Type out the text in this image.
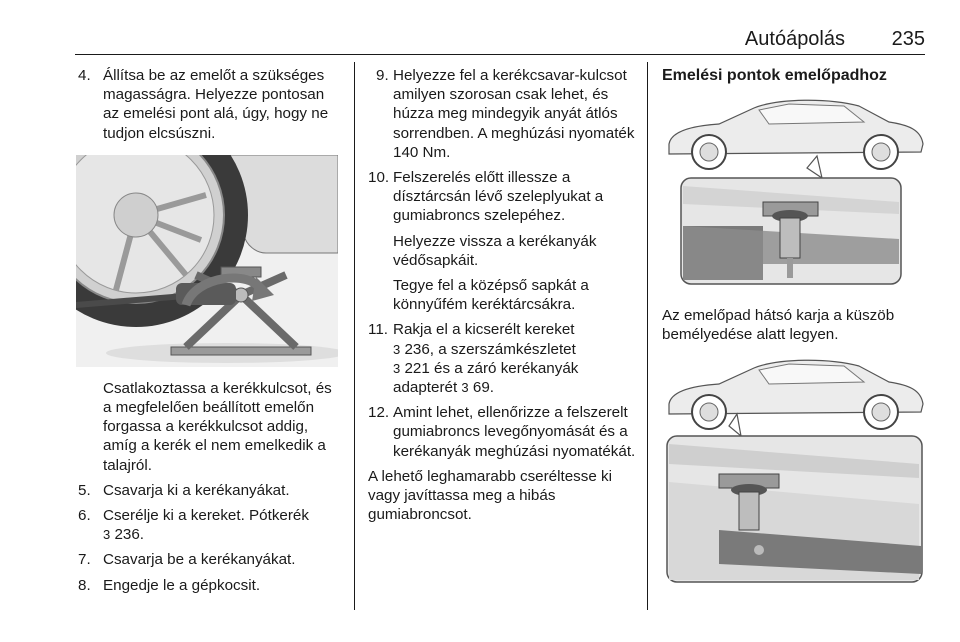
Autóápolás 235
4. Állítsa be az emelőt a szükséges magasságra. Helyezze pontosan az emelési pont alá, úgy, hogy ne tudjon elcsúszni.
Csatlakoztassa a kerékkulcsot, és a megfelelően beállított emelőn forgassa a kerékkulcsot addig, amíg a kerék el nem emelkedik a talajról.
5. Csavarja ki a kerékanyákat.
6. Cserélje ki a kereket. Pótkerék
3 236.
7. Csavarja be a kerékanyákat.
8. Engedje le a gépkocsit.
9. Helyezze fel a kerékcsavar-kulcsot amilyen szorosan csak lehet, és húzza meg mindegyik anyát átlós sorrendben. A meghúzási nyomaték 140 Nm.
10. Felszerelés előtt illessze a dísztárcsán lévő szeleplyukat a gumiabroncs szelepéhez.
Helyezze vissza a kerékanyák védősapkáit.
Tegye fel a középső sapkát a könnyűfém keréktárcsákra.
11. Rakja el a kicserélt kereket
3 236, a szerszámkészletet
3 221 és a záró kerékanyák adapterét 3 69.
12. Amint lehet, ellenőrizze a felszerelt gumiabroncs levegőnyomását és a kerékanyák meghúzási nyomatékát.
A lehető leghamarabb cseréltesse ki vagy javíttassa meg a hibás gumiabroncsot.
Emelési pontok emelőpadhoz
Az emelőpad hátsó karja a küszöb bemélyedése alatt legyen.
